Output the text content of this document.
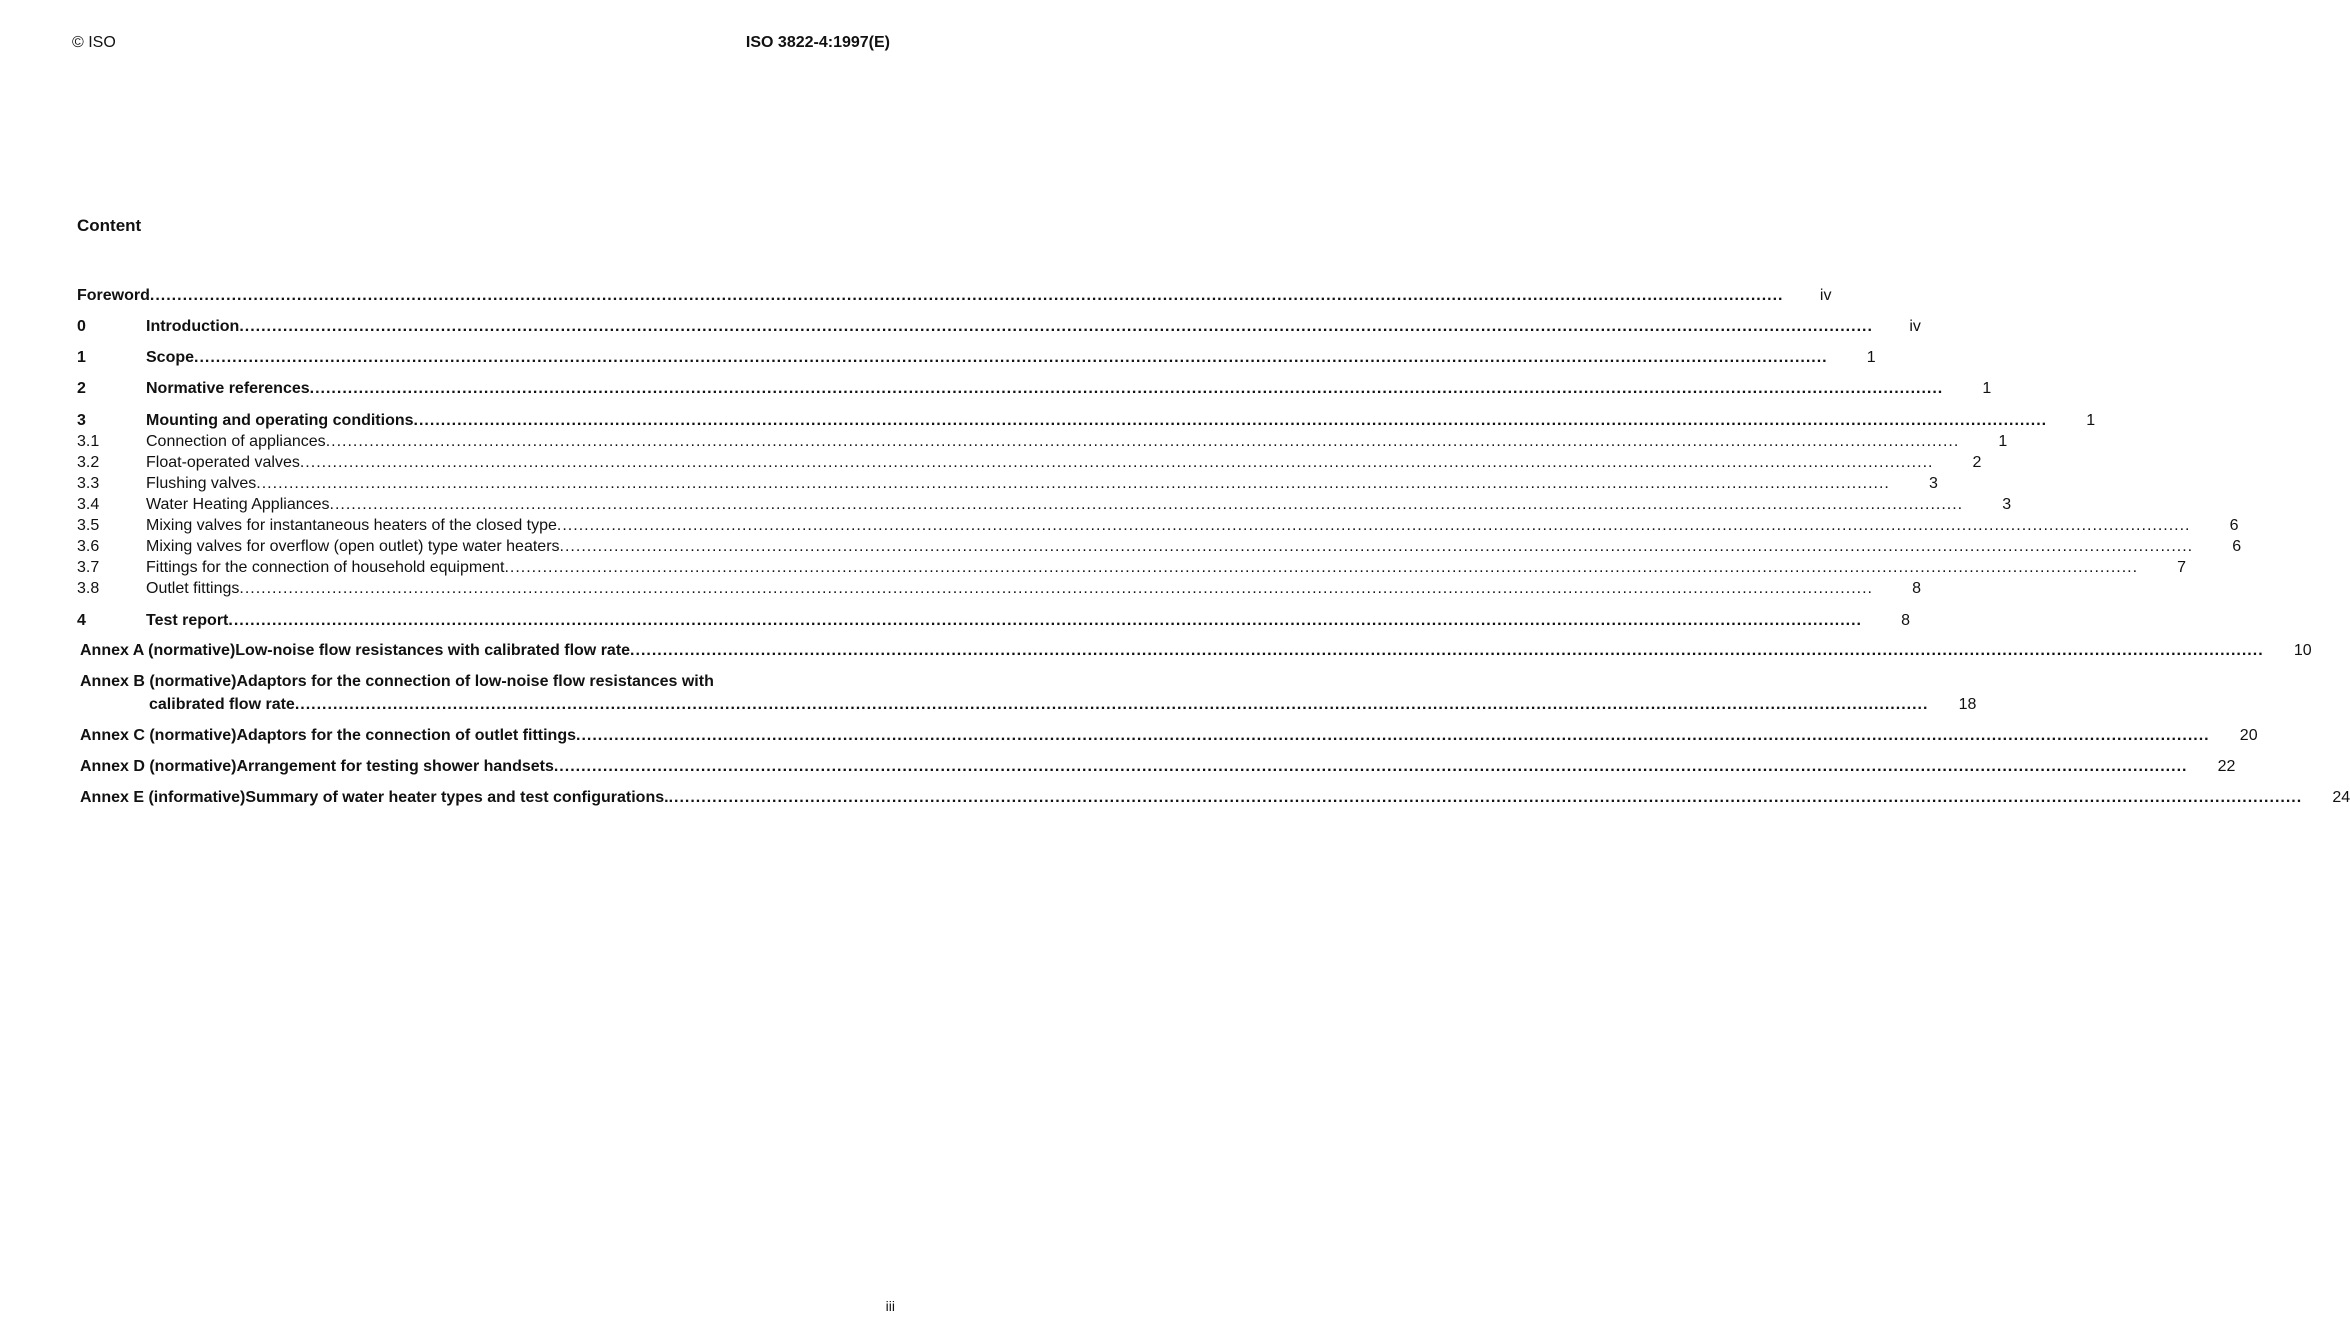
© ISO	ISO 3822-4:1997(E)
Content
Foreword ............................................................................................................................................................................................................................................................................................................	iv
0	Introduction ............................................................................................................................................................................................................................................................................................................	iv
1	Scope ............................................................................................................................................................................................................................................................................................................	1
2	Normative references ............................................................................................................................................................................................................................................................................................................	1
3	Mounting and operating conditions ............................................................................................................................................................................................................................................................................................................	1
3.1	Connection of appliances ............................................................................................................................................................................................................................................................................................................	1
3.2	Float-operated valves ............................................................................................................................................................................................................................................................................................................	2
3.3	Flushing valves ............................................................................................................................................................................................................................................................................................................	3
3.4	Water Heating Appliances ............................................................................................................................................................................................................................................................................................................	3
3.5	Mixing valves for instantaneous heaters of the closed type ............................................................................................................................................................................................................................................................................................................	6
3.6	Mixing valves for overflow (open outlet) type water heaters ............................................................................................................................................................................................................................................................................................................	6
3.7	Fittings for the connection of household equipment ............................................................................................................................................................................................................................................................................................................	7
3.8	Outlet fittings ............................................................................................................................................................................................................................................................................................................	8
4	Test report ............................................................................................................................................................................................................................................................................................................	8
Annex A (normative)Low-noise flow resistances with calibrated flow rate ............................................................................................................................................................................................................................................................................................................ 10
Annex B (normative)Adaptors for the connection of low-noise flow resistances with
calibrated flow rate ............................................................................................................................................................................................................................................................................................................ 18
Annex C (normative)Adaptors for the connection of outlet fittings ............................................................................................................................................................................................................................................................................................................ 20
Annex D (normative)Arrangement for testing shower handsets ............................................................................................................................................................................................................................................................................................................ 22
Annex E (informative)Summary of water heater types and test configurations. ............................................................................................................................................................................................................................................................................................................ 24
iii
